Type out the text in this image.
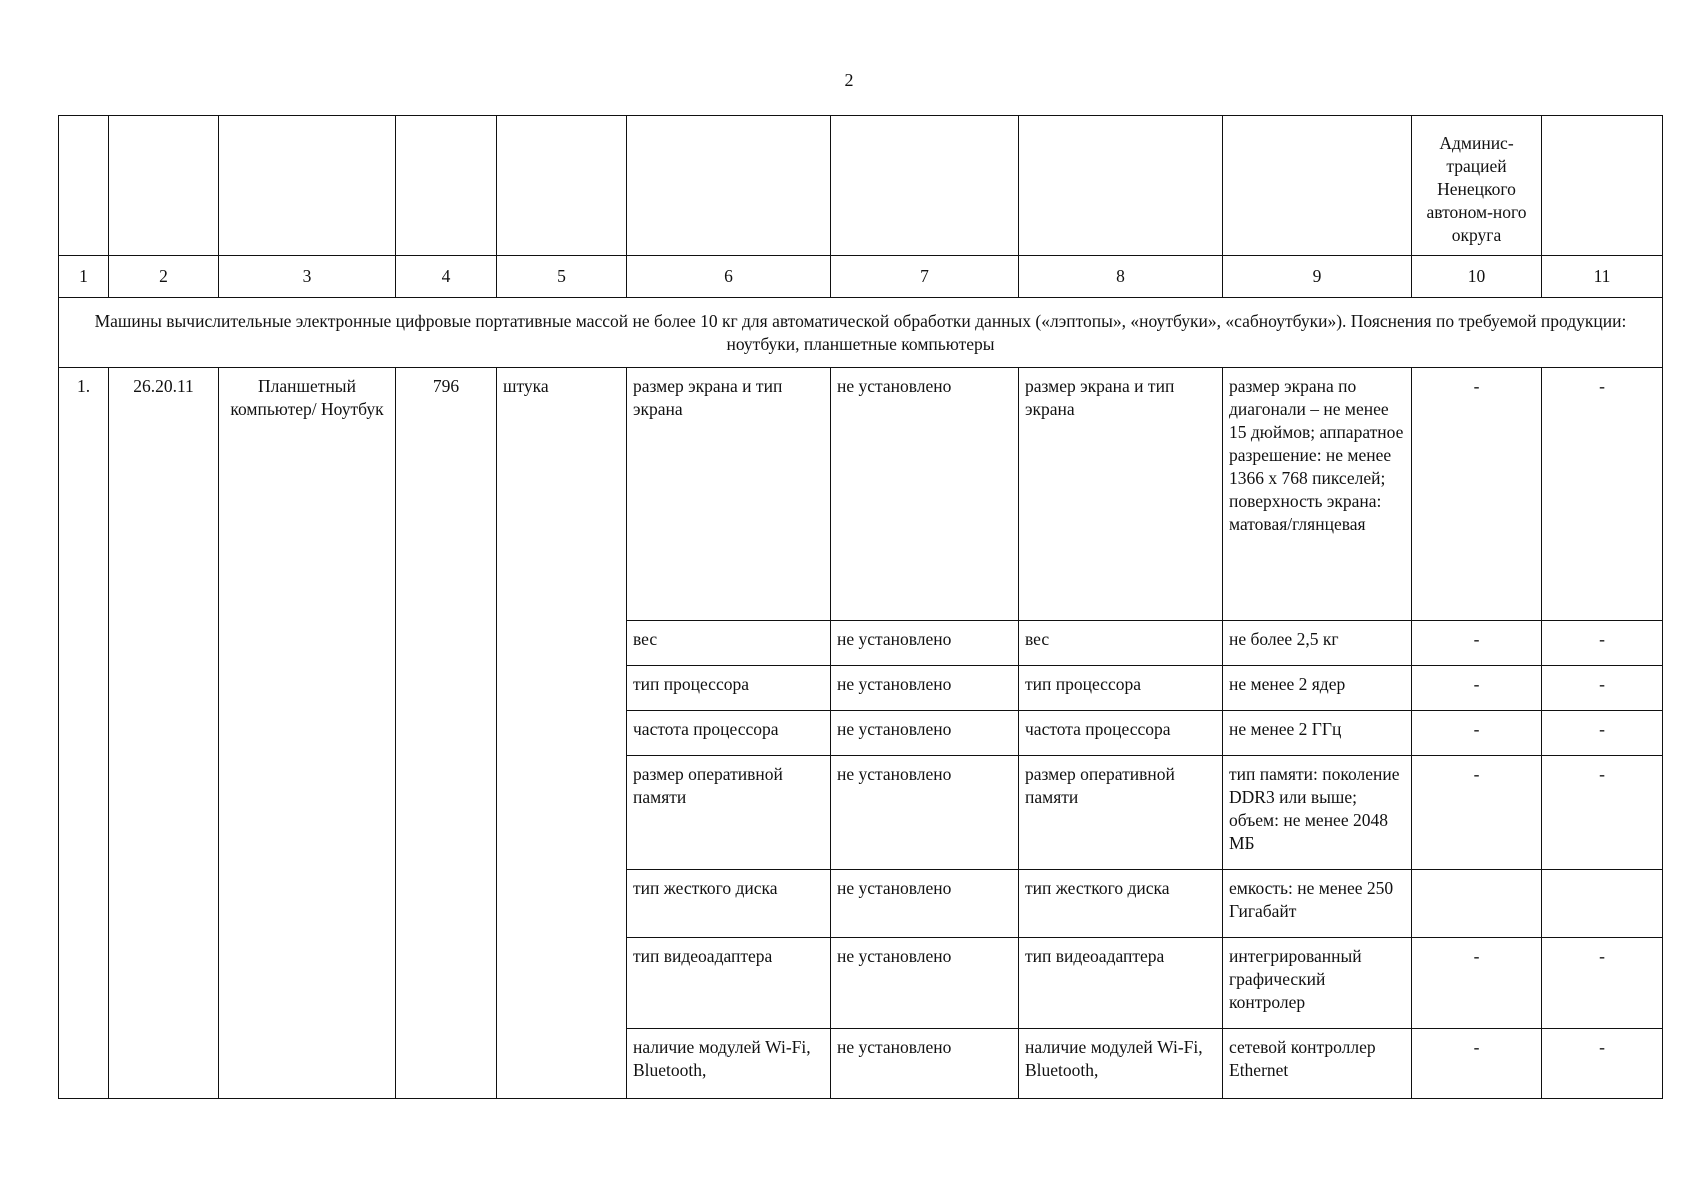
2
									Админис-трацией Ненецкого автоном-ного округа	
1	2	3	4	5	6	7	8	9	10	11
Машины вычислительные электронные цифровые портативные массой не более 10 кг для автоматической обработки данных («лэптопы», «ноутбуки», «сабноутбуки»). Пояснения по требуемой продукции: ноутбуки, планшетные компьютеры										
1.	26.20.11	Планшетный компьютер/ Ноутбук	796	штука	размер экрана и тип экрана	не установлено	размер экрана и тип экрана	размер экрана по диагонали – не менее 15 дюймов; аппаратное разрешение: не менее 1366 х 768 пикселей; поверхность экрана: матовая/глянцевая	-	-
					вес	не установлено	вес	не более 2,5 кг	-	-
					тип процессора	не установлено	тип процессора	не менее 2 ядер	-	-
					частота процессора	не установлено	частота процессора	не менее 2 ГГц	-	-
					размер оперативной памяти	не установлено	размер оперативной памяти	тип памяти: поколение DDR3 или выше; объем: не менее 2048 МБ	-	-
					тип жесткого диска	не установлено	тип жесткого диска	емкость: не менее 250 Гигабайт		
					тип видеоадаптера	не установлено	тип видеоадаптера	интегрированный графический контролер	-	-
					наличие модулей Wi-Fi, Bluetooth,	не установлено	наличие модулей Wi-Fi, Bluetooth,	сетевой контроллер Ethernet	-	-
